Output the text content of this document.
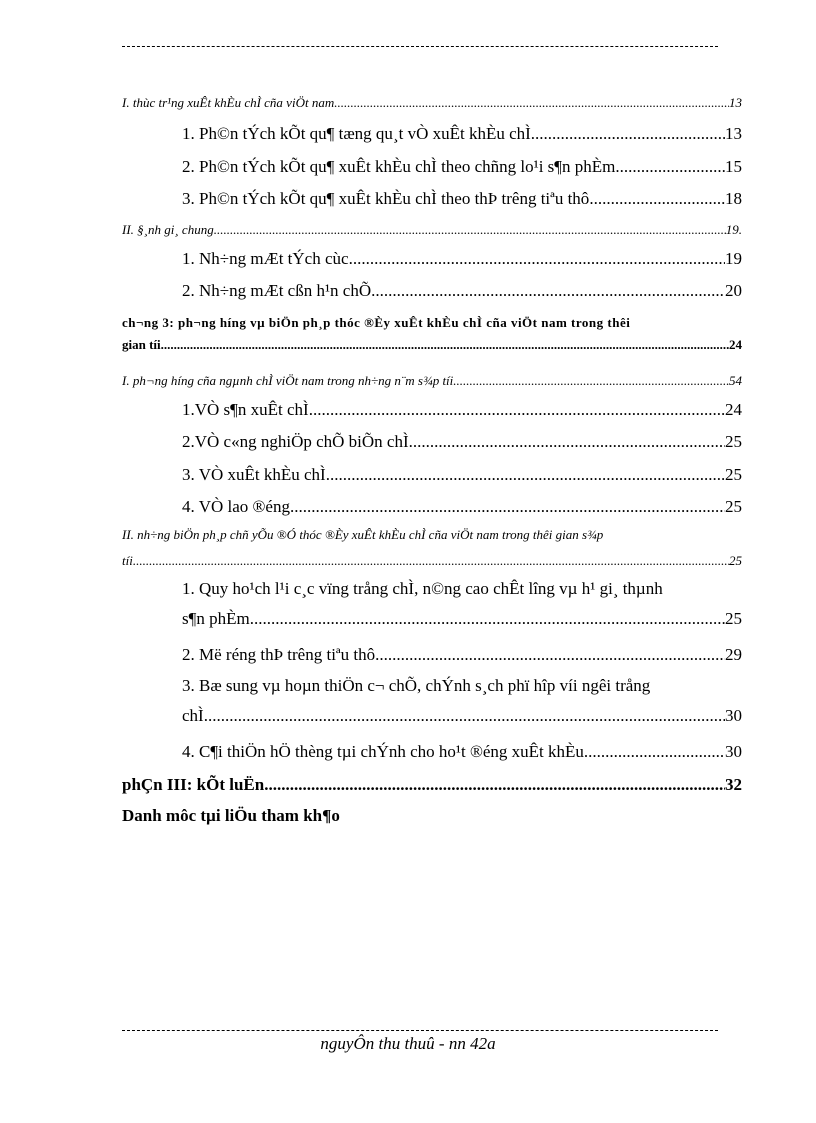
I. thùc tr¹ng xuÊt khÈu chÌ cña viÖt nam .....	13
1. Ph©n tÝch kÕt qu¶ tæng qu¸t vÒ xuÊt khÈu chÌ .....	13
2. Ph©n tÝch kÕt qu¶ xuÊt khÈu chÌ theo chñng lo¹i s¶n phÈm .....	15
3. Ph©n tÝch kÕt qu¶ xuÊt khÈu chÌ theo thÞ trêng tiªu thô .....	18
II. §¸nh gi¸ chung .....	19.
1. Nh÷ng mÆt tÝch cùc .....	19
2. Nh÷ng mÆt cßn h¹n chÕ .....	20
ch¬ng 3: ph¬ng híng vµ biÖn ph¸p thóc ®Èy xuÊt khÈu chÌ cña viÖt nam trong thêi
gian tíi .....	24
I. ph¬ng híng cña ngµnh chÌ viÖt nam trong nh÷ng n¨m s¾p tíi .....	54
1.VÒ s¶n xuÊt chÌ .....	24
2.VÒ c«ng nghiÖp chÕ biÕn chÌ .....	25
3. VÒ xuÊt khÈu chÌ .....	25
4. VÒ lao ®éng .....	25
II. nh÷ng biÖn ph¸p chñ yÕu ®Ó thóc ®Èy xuÊt khÈu chÌ cña viÖt nam trong thêi gian s¾p
tíi .....	25
1. Quy ho¹ch l¹i c¸c vïng trång chÌ, n©ng cao chÊt lîng vµ h¹ gi¸ thµnh
s¶n phÈm .....	25
2. Më réng thÞ trêng tiªu thô .....	29
3. Bæ sung vµ hoµn thiÖn c¬ chÕ, chÝnh s¸ch phï hîp víi ngêi trång
chÌ. .....	30
4. C¶i thiÖn hÖ thèng tµi chÝnh cho ho¹t ®éng xuÊt khÈu .....	30
phÇn III: kÕt luËn .....	32
Danh môc tµi liÖu tham kh¶o
nguyÔn thu thuû - nn 42a
